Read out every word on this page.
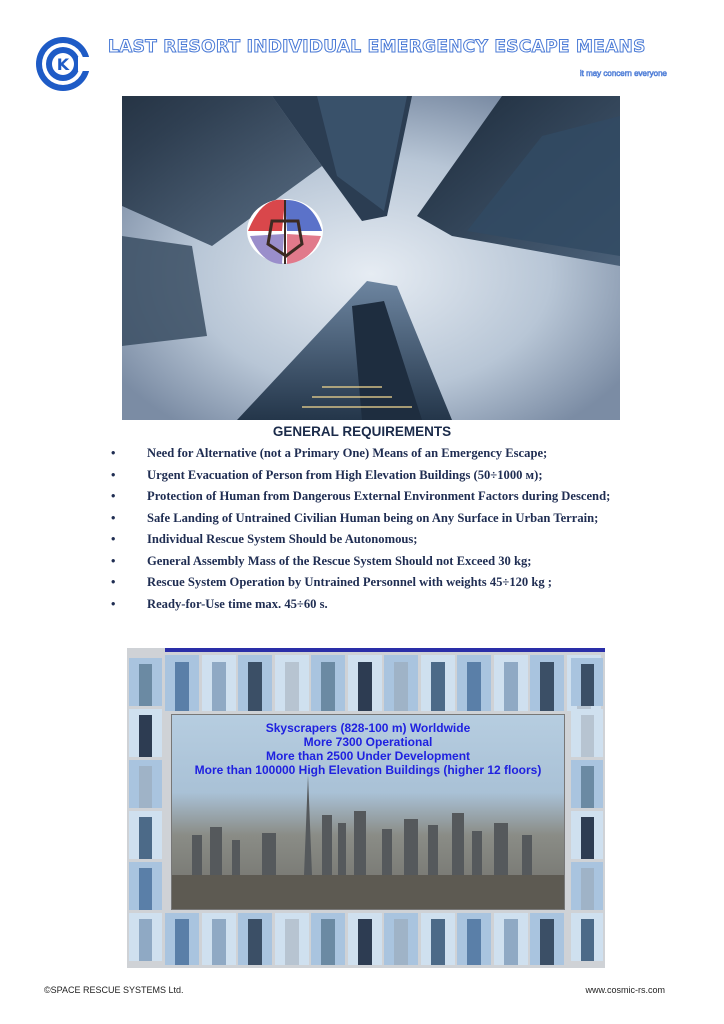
K
LAST RESORT INDIVIDUAL EMERGENCY ESCAPE MEANS

it may concern everyone

GENERAL REQUIREMENTS
•	Need for Alternative (not a Primary One) Means of an Emergency Escape;
•	Urgent Evacuation of Person from High Elevation Buildings (50÷1000 м);
•	Protection of Human from Dangerous External Environment Factors during Descend;
•	Safe Landing of Untrained Civilian Human being on Any Surface in Urban Terrain;
•	Individual Rescue System Should be Autonomous;
•	General Assembly Mass of the Rescue System Should not Exceed 30 kg;
•	Rescue System Operation by Untrained Personnel with weights 45÷120 kg ;
•	Ready-for-Use time max. 45÷60 s.
Skyscrapers (828-100 m) Worldwide
More 7300 Operational
More than 2500 Under Development
More than 100000 High Elevation Buildings (higher 12 floors)
©SPACE RESCUE SYSTEMS Ltd.	www.cosmic-rs.com
